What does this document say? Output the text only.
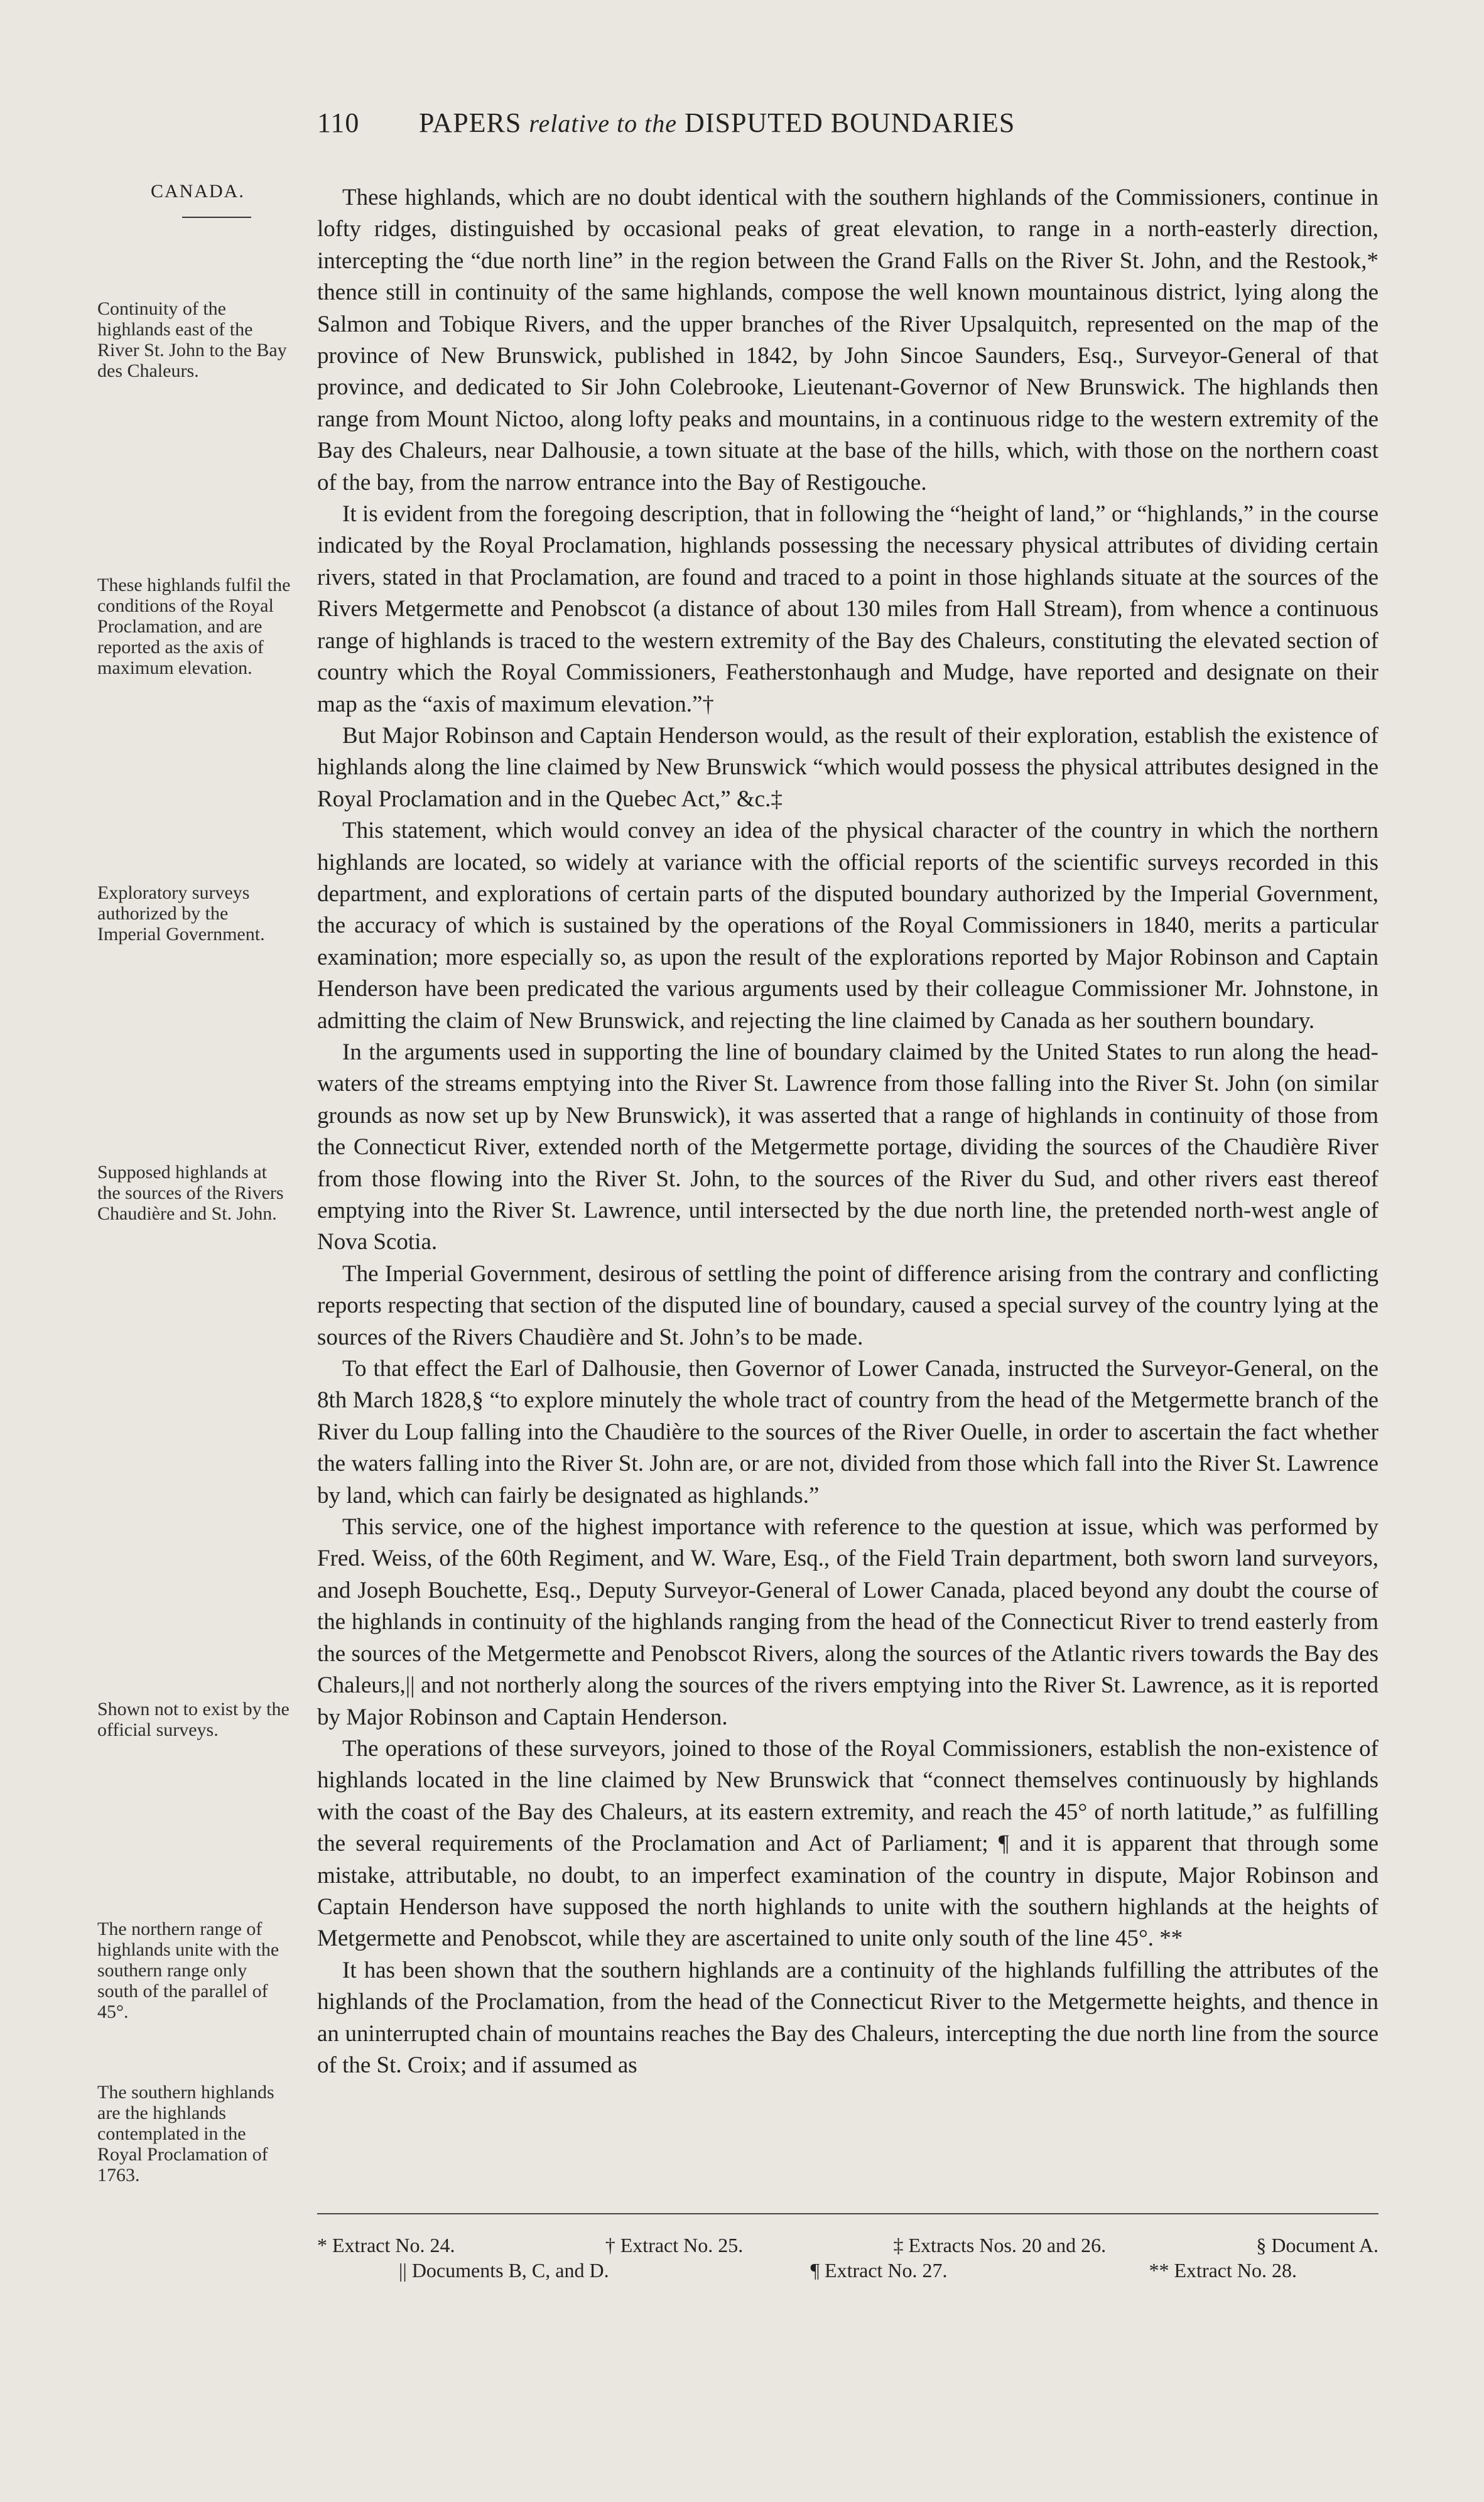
110 PAPERS relative to the DISPUTED BOUNDARIES
CANADA.
Continuity of the highlands east of the River St. John to the Bay des Chaleurs.
These highlands fulfil the conditions of the Royal Proclamation, and are reported as the axis of maximum elevation.
Exploratory surveys authorized by the Imperial Government.
Supposed highlands at the sources of the Rivers Chaudière and St. John.
Shown not to exist by the official surveys.
The northern range of highlands unite with the southern range only south of the parallel of 45°.
The southern highlands are the highlands contemplated in the Royal Proclamation of 1763.

These highlands, which are no doubt identical with the southern highlands of the Commissioners, continue in lofty ridges, distinguished by occasional peaks of great elevation, to range in a north-easterly direction, intercepting the “due north line” in the region between the Grand Falls on the River St. John, and the Restook,* thence still in continuity of the same highlands, compose the well known mountainous district, lying along the Salmon and Tobique Rivers, and the upper branches of the River Upsalquitch, represented on the map of the province of New Brunswick, published in 1842, by John Sincoe Saunders, Esq., Surveyor-General of that province, and dedicated to Sir John Colebrooke, Lieutenant-Governor of New Brunswick. The highlands then range from Mount Nictoo, along lofty peaks and mountains, in a continuous ridge to the western extremity of the Bay des Chaleurs, near Dalhousie, a town situate at the base of the hills, which, with those on the northern coast of the bay, from the narrow entrance into the Bay of Restigouche.

It is evident from the foregoing description, that in following the “height of land,” or “highlands,” in the course indicated by the Royal Proclamation, highlands possessing the necessary physical attributes of dividing certain rivers, stated in that Proclamation, are found and traced to a point in those highlands situate at the sources of the Rivers Metgermette and Penobscot (a distance of about 130 miles from Hall Stream), from whence a continuous range of highlands is traced to the western extremity of the Bay des Chaleurs, constituting the elevated section of country which the Royal Commissioners, Featherstonhaugh and Mudge, have reported and designate on their map as the “axis of maximum elevation.”†

But Major Robinson and Captain Henderson would, as the result of their exploration, establish the existence of highlands along the line claimed by New Brunswick “which would possess the physical attributes designed in the Royal Proclamation and in the Quebec Act,” &c.‡

This statement, which would convey an idea of the physical character of the country in which the northern highlands are located, so widely at variance with the official reports of the scientific surveys recorded in this department, and explorations of certain parts of the disputed boundary authorized by the Imperial Government, the accuracy of which is sustained by the operations of the Royal Commissioners in 1840, merits a particular examination; more especially so, as upon the result of the explorations reported by Major Robinson and Captain Henderson have been predicated the various arguments used by their colleague Commissioner Mr. Johnstone, in admitting the claim of New Brunswick, and rejecting the line claimed by Canada as her southern boundary.

In the arguments used in supporting the line of boundary claimed by the United States to run along the head-waters of the streams emptying into the River St. Lawrence from those falling into the River St. John (on similar grounds as now set up by New Brunswick), it was asserted that a range of highlands in continuity of those from the Connecticut River, extended north of the Metgermette portage, dividing the sources of the Chaudière River from those flowing into the River St. John, to the sources of the River du Sud, and other rivers east thereof emptying into the River St. Lawrence, until intersected by the due north line, the pretended north-west angle of Nova Scotia.

The Imperial Government, desirous of settling the point of difference arising from the contrary and conflicting reports respecting that section of the disputed line of boundary, caused a special survey of the country lying at the sources of the Rivers Chaudière and St. John’s to be made.

To that effect the Earl of Dalhousie, then Governor of Lower Canada, instructed the Surveyor-General, on the 8th March 1828,§ “to explore minutely the whole tract of country from the head of the Metgermette branch of the River du Loup falling into the Chaudière to the sources of the River Ouelle, in order to ascertain the fact whether the waters falling into the River St. John are, or are not, divided from those which fall into the River St. Lawrence by land, which can fairly be designated as highlands.”

This service, one of the highest importance with reference to the question at issue, which was performed by Fred. Weiss, of the 60th Regiment, and W. Ware, Esq., of the Field Train department, both sworn land surveyors, and Joseph Bouchette, Esq., Deputy Surveyor-General of Lower Canada, placed beyond any doubt the course of the highlands in continuity of the highlands ranging from the head of the Connecticut River to trend easterly from the sources of the Metgermette and Penobscot Rivers, along the sources of the Atlantic rivers towards the Bay des Chaleurs,|| and not northerly along the sources of the rivers emptying into the River St. Lawrence, as it is reported by Major Robinson and Captain Henderson.

The operations of these surveyors, joined to those of the Royal Commissioners, establish the non-existence of highlands located in the line claimed by New Brunswick that “connect themselves continuously by highlands with the coast of the Bay des Chaleurs, at its eastern extremity, and reach the 45° of north latitude,” as fulfilling the several requirements of the Proclamation and Act of Parliament; ¶ and it is apparent that through some mistake, attributable, no doubt, to an imperfect examination of the country in dispute, Major Robinson and Captain Henderson have supposed the north highlands to unite with the southern highlands at the heights of Metgermette and Penobscot, while they are ascertained to unite only south of the line 45°. **

It has been shown that the southern highlands are a continuity of the highlands fulfilling the attributes of the highlands of the Proclamation, from the head of the Connecticut River to the Metgermette heights, and thence in an uninterrupted chain of mountains reaches the Bay des Chaleurs, intercepting the due north line from the source of the St. Croix; and if assumed as

* Extract No. 24.	† Extract No. 25.	‡ Extracts Nos. 20 and 26.	§ Document A.
|| Documents B, C, and D.	¶ Extract No. 27.	** Extract No. 28.
